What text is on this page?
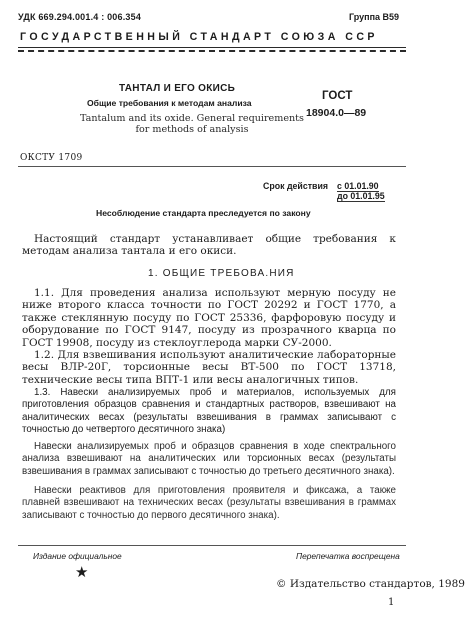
УДК 669.294.001.4 : 006.354	Группа В59
ГОСУДАРСТВЕННЫЙ СТАНДАРТ СОЮЗА ССР
ТАНТАЛ И ЕГО ОКИСЬ
Общие требования к методам анализа
Tantalum and its oxide. General requirements
for methods of analysis
ГОСТ
18904.0—89
ОКСТУ 1709
Срок действия с 01.01.90
до 01.01.95
Несоблюдение стандарта преследуется по закону
Настоящий стандарт устанавливает общие требования к методам анализа тантала и его окиси.
1. ОБЩИЕ ТРЕБОВА.НИЯ
1.1. Для проведения анализа используют мерную посуду не ниже второго класса точности по ГОСТ 20292 и ГОСТ 1770, а также стеклянную посуду по ГОСТ 25336, фарфоровую посуду и оборудование по ГОСТ 9147, посуду из прозрачного кварца по ГОСТ 19908, посуду из стеклоуглерода марки СУ-2000.
1.2. Для взвешивания используют аналитические лабораторные весы ВЛР-20Г, торсионные весы ВТ-500 по ГОСТ 13718, технические весы типа ВПТ-1 или весы аналогичных типов.
1.3. Навески анализируемых проб и материалов, используемых для приготовления образцов сравнения и стандартных растворов, взвешивают на аналитических весах (результаты взвешивания в граммах записывают с точностью до четвертого десятичного знака)
Навески анализируемых проб и образцов сравнения в ходе спектрального анализа взвешивают на аналитических или торсионных весах (результаты взвешивания в граммах записывают с точностью до третьего десятичного знака).
Навески реактивов для приготовления проявителя и фиксажа, а также плавней взвешивают на технических весах (результаты взвешивания в граммах записывают с точностью до первого десятичного знака).
Издание официальное	Перепечатка воспрещена
★
© Издательство стандартов, 1989
1
